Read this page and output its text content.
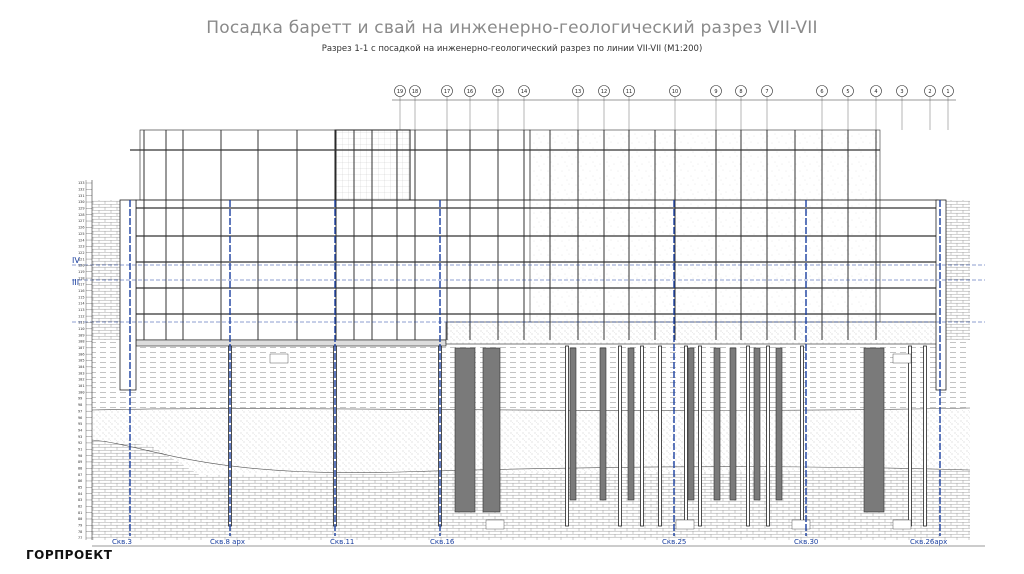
Посадка баретт и свай на инженерно-геологический разрез VII-VII
Разрез 1-1 с посадкой на инженерно-геологический разрез по линии VII-VII (М1:200)
19 18	17	16	15	14	13	12	11	10	9	8	7	6	5	4	3	2	1
Скв.3	Скв.8 арх	Скв.11	Скв.16	Скв.25	Скв.30	Скв.26арх
IV
III
133
132
131
130
129
128
127
126
125
124
123
122
121
120
119
118
117
116
115
114
113
112
111
110
109
108
107
106
105
104
103
102
101
100
99
98
97
96
95
94
93
92
91
90
89
88
87
86
85
84
83
82
81
80
79
78
77
ГОРПРОЕКТ
